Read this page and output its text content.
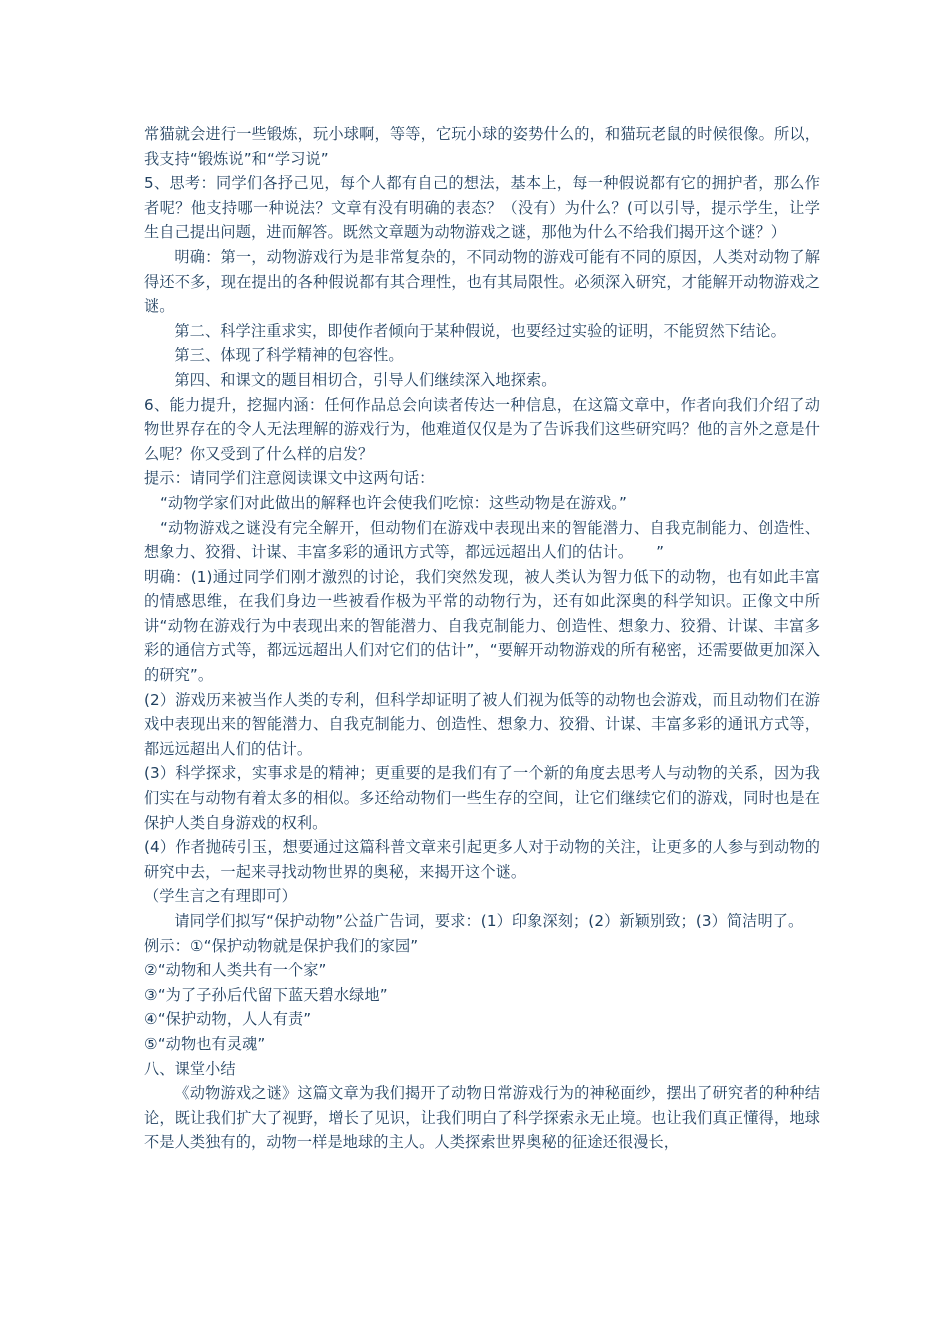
常猫就会进行一些锻炼，玩小球啊，等等，它玩小球的姿势什么的，和猫玩老鼠的时候很像。所以，我支持“锻炼说”和“学习说”

5、思考：同学们各抒己见，每个人都有自己的想法，基本上，每一种假说都有它的拥护者，那么作者呢？他支持哪一种说法？文章有没有明确的表态？（没有）为什么？(可以引导，提示学生，让学生自己提出问题，进而解答。既然文章题为动物游戏之谜，那他为什么不给我们揭开这个谜？）

明确：第一，动物游戏行为是非常复杂的，不同动物的游戏可能有不同的原因，人类对动物了解得还不多，现在提出的各种假说都有其合理性，也有其局限性。必须深入研究，才能解开动物游戏之谜。

第二、科学注重求实，即使作者倾向于某种假说，也要经过实验的证明，不能贸然下结论。

第三、体现了科学精神的包容性。

第四、和课文的题目相切合，引导人们继续深入地探索。

6、能力提升，挖掘内涵：任何作品总会向读者传达一种信息，在这篇文章中，作者向我们介绍了动物世界存在的令人无法理解的游戏行为，他难道仅仅是为了告诉我们这些研究吗？他的言外之意是什么呢？你又受到了什么样的启发？

提示：请同学们注意阅读课文中这两句话：

“动物学家们对此做出的解释也许会使我们吃惊：这些动物是在游戏。”

“动物游戏之谜没有完全解开，但动物们在游戏中表现出来的智能潜力、自我克制能力、创造性、想象力、狡猾、计谋、丰富多彩的通讯方式等，都远远超出人们的估计。　　”

明确：(1)通过同学们刚才激烈的讨论，我们突然发现，被人类认为智力低下的动物，也有如此丰富的情感思维，在我们身边一些被看作极为平常的动物行为，还有如此深奥的科学知识。正像文中所讲“动物在游戏行为中表现出来的智能潜力、自我克制能力、创造性、想象力、狡猾、计谋、丰富多彩的通信方式等，都远远超出人们对它们的估计”，“要解开动物游戏的所有秘密，还需要做更加深入的研究”。

(2）游戏历来被当作人类的专利，但科学却证明了被人们视为低等的动物也会游戏，而且动物们在游戏中表现出来的智能潜力、自我克制能力、创造性、想象力、狡猾、计谋、丰富多彩的通讯方式等，都远远超出人们的估计。

(3）科学探求，实事求是的精神；更重要的是我们有了一个新的角度去思考人与动物的关系，因为我们实在与动物有着太多的相似。多还给动物们一些生存的空间，让它们继续它们的游戏，同时也是在保护人类自身游戏的权利。

(4）作者抛砖引玉，想要通过这篇科普文章来引起更多人对于动物的关注，让更多的人参与到动物的研究中去，一起来寻找动物世界的奥秘，来揭开这个谜。

（学生言之有理即可）

请同学们拟写“保护动物”公益广告词，要求：(1）印象深刻；(2）新颖别致；(3）简洁明了。

例示：①“保护动物就是保护我们的家园”

②“动物和人类共有一个家”

③“为了子孙后代留下蓝天碧水绿地”

④“保护动物，人人有责”

⑤“动物也有灵魂”

八、课堂小结

《动物游戏之谜》这篇文章为我们揭开了动物日常游戏行为的神秘面纱，摆出了研究者的种种结论，既让我们扩大了视野，增长了见识，让我们明白了科学探索永无止境。也让我们真正懂得，地球不是人类独有的，动物一样是地球的主人。人类探索世界奥秘的征途还很漫长，
